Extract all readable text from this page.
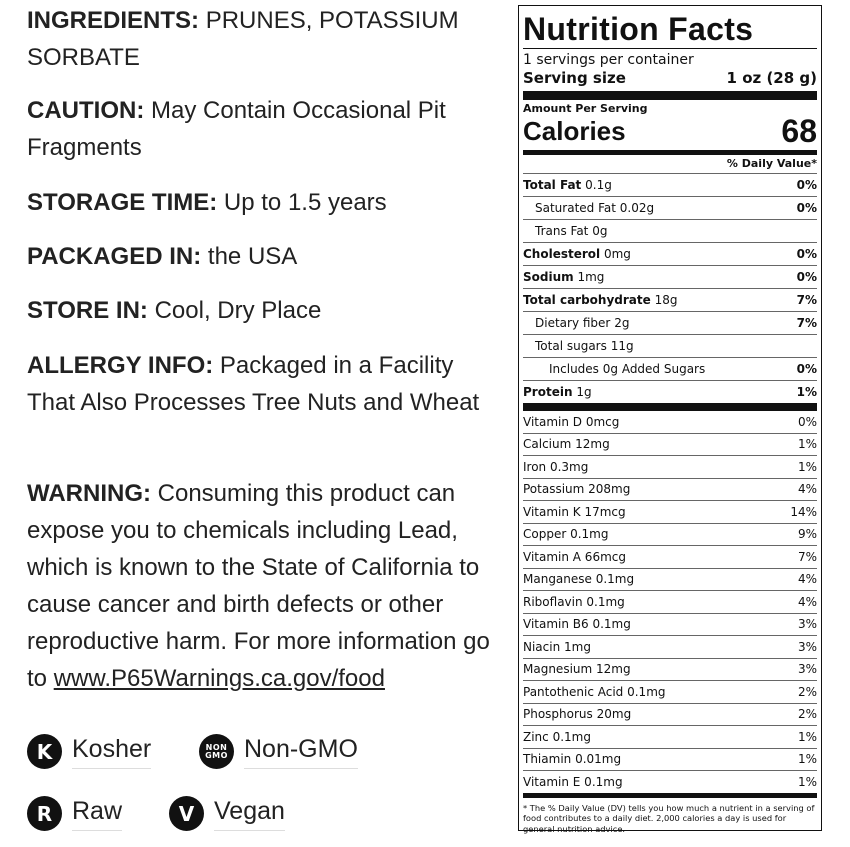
INGREDIENTS: PRUNES, POTASSIUM SORBATE

CAUTION: May Contain Occasional Pit Fragments

STORAGE TIME: Up to 1.5 years

PACKAGED IN: the USA

STORE IN: Cool, Dry Place

ALLERGY INFO: Packaged in a Facility That Also Processes Tree Nuts and Wheat

WARNING: Consuming this product can expose you to chemicals including Lead, which is known to the State of California to cause cancer and birth defects or other reproductive harm. For more information go to www.P65Warnings.ca.gov/food

K Kosher	NON
GMO Non-GMO
R Raw	V Vegan
Nutrition Facts
1 servings per container
Serving size	1 oz (28 g)
Amount Per Serving
Calories	68
% Daily Value*
Total Fat 0.1g	0%
Saturated Fat 0.02g	0%
Trans Fat 0g
Cholesterol 0mg	0%
Sodium 1mg	0%
Total carbohydrate 18g	7%
Dietary fiber 2g	7%
Total sugars 11g
Includes 0g Added Sugars	0%
Protein 1g	1%
Vitamin D 0mcg	0%
Calcium 12mg	1%
Iron 0.3mg	1%
Potassium 208mg	4%
Vitamin K 17mcg	14%
Copper 0.1mg	9%
Vitamin A 66mcg	7%
Manganese 0.1mg	4%
Riboflavin 0.1mg	4%
Vitamin B6 0.1mg	3%
Niacin 1mg	3%
Magnesium 12mg	3%
Pantothenic Acid 0.1mg	2%
Phosphorus 20mg	2%
Zinc 0.1mg	1%
Thiamin 0.01mg	1%
Vitamin E 0.1mg	1%
* The % Daily Value (DV) tells you how much a nutrient in a serving of food contributes to a daily diet. 2,000 calories a day is used for general nutrition advice.
